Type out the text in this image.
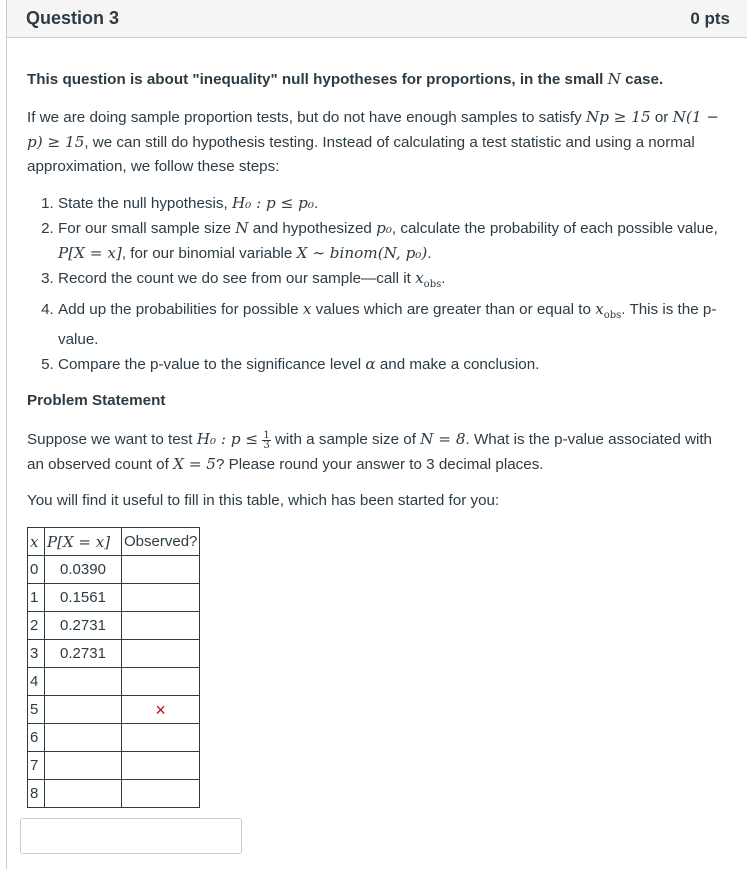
Question 3	0 pts

This question is about "inequality" null hypotheses for proportions, in the small N case.

If we are doing sample proportion tests, but do not have enough samples to satisfy Np ≥ 15 or N(1 − p) ≥ 15, we can still do hypothesis testing. Instead of calculating a test statistic and using a normal approximation, we follow these steps:

1. State the null hypothesis, H₀ : p ≤ p₀.
2. For our small sample size N and hypothesized p₀, calculate the probability of each possible value, P[X = x], for our binomial variable X ∼ binom(N, p₀).
3. Record the count we do see from our sample—call it $x_{obs}$.
4. Add up the probabilities for possible x values which are greater than or equal to $x_{obs}$. This is the p-value.
5. Compare the p-value to the significance level α and make a conclusion.

Problem Statement

Suppose we want to test H₀ : $p \le \frac{1}{3}$ with a sample size of N = 8. What is the p-value associated with an observed count of X = 5? Please round your answer to 3 decimal places.

You will find it useful to fill in this table, which has been started for you:

x	P[X = x]	Observed?
0	0.0390	
1	0.1561	
2	0.2731	
3	0.2731	
4		
5		×
6		
7		
8		
